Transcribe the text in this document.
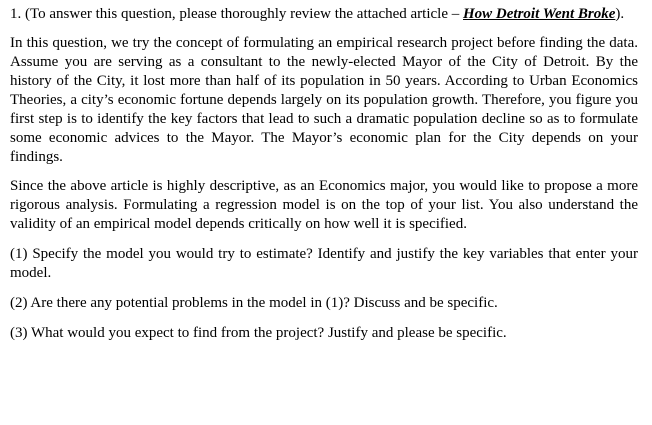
1. (To answer this question, please thoroughly review the attached article – How Detroit Went Broke).

In this question, we try the concept of formulating an empirical research project before finding the data. Assume you are serving as a consultant to the newly-elected Mayor of the City of Detroit. By the history of the City, it lost more than half of its population in 50 years. According to Urban Economics Theories, a city’s economic fortune depends largely on its population growth. Therefore, you figure you first step is to identify the key factors that lead to such a dramatic population decline so as to formulate some economic advices to the Mayor. The Mayor’s economic plan for the City depends on your findings.

Since the above article is highly descriptive, as an Economics major, you would like to propose a more rigorous analysis. Formulating a regression model is on the top of your list. You also understand the validity of an empirical model depends critically on how well it is specified.

(1) Specify the model you would try to estimate? Identify and justify the key variables that enter your model.

(2) Are there any potential problems in the model in (1)? Discuss and be specific.

(3) What would you expect to find from the project? Justify and please be specific.
